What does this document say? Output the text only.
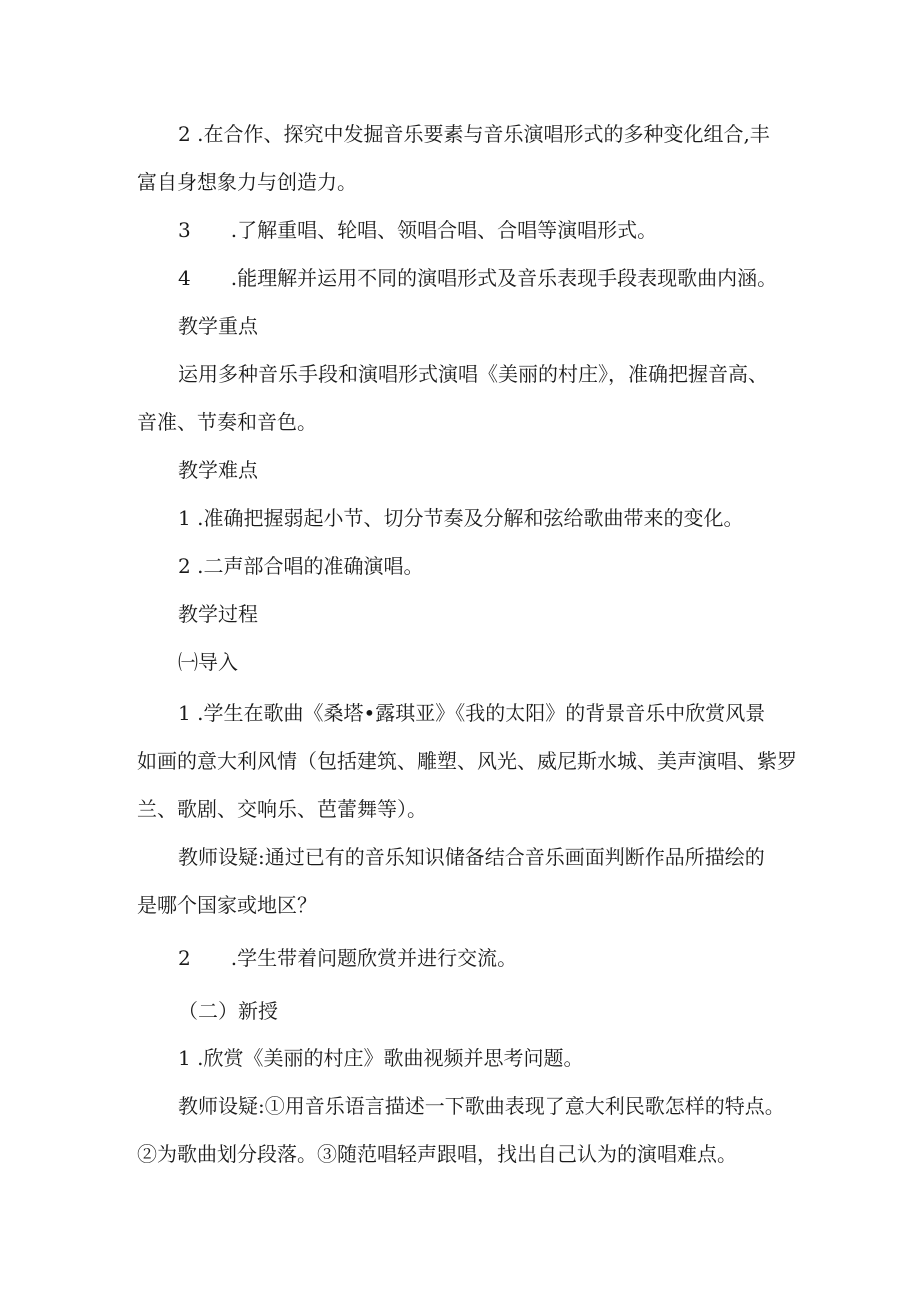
2 .在合作、探究中发掘音乐要素与音乐演唱形式的多种变化组合,丰
富自身想象力与创造力。
3 .了解重唱、轮唱、领唱合唱、合唱等演唱形式。
4 .能理解并运用不同的演唱形式及音乐表现手段表现歌曲内涵。
教学重点
运用多种音乐手段和演唱形式演唱《美丽的村庄》，准确把握音高、
音准、节奏和音色。
教学难点
1 .准确把握弱起小节、切分节奏及分解和弦给歌曲带来的变化。
2 .二声部合唱的准确演唱。
教学过程
㈠导入
1 .学生在歌曲《桑塔•露琪亚》《我的太阳》的背景音乐中欣赏风景
如画的意大利风情（包括建筑、雕塑、风光、威尼斯水城、美声演唱、紫罗
兰、歌剧、交响乐、芭蕾舞等）。
教师设疑:通过已有的音乐知识储备结合音乐画面判断作品所描绘的
是哪个国家或地区？
2 .学生带着问题欣赏并进行交流。
（二）新授
1 .欣赏《美丽的村庄》歌曲视频并思考问题。
教师设疑:①用音乐语言描述一下歌曲表现了意大利民歌怎样的特点。
②为歌曲划分段落。③随范唱轻声跟唱，找出自己认为的演唱难点。
